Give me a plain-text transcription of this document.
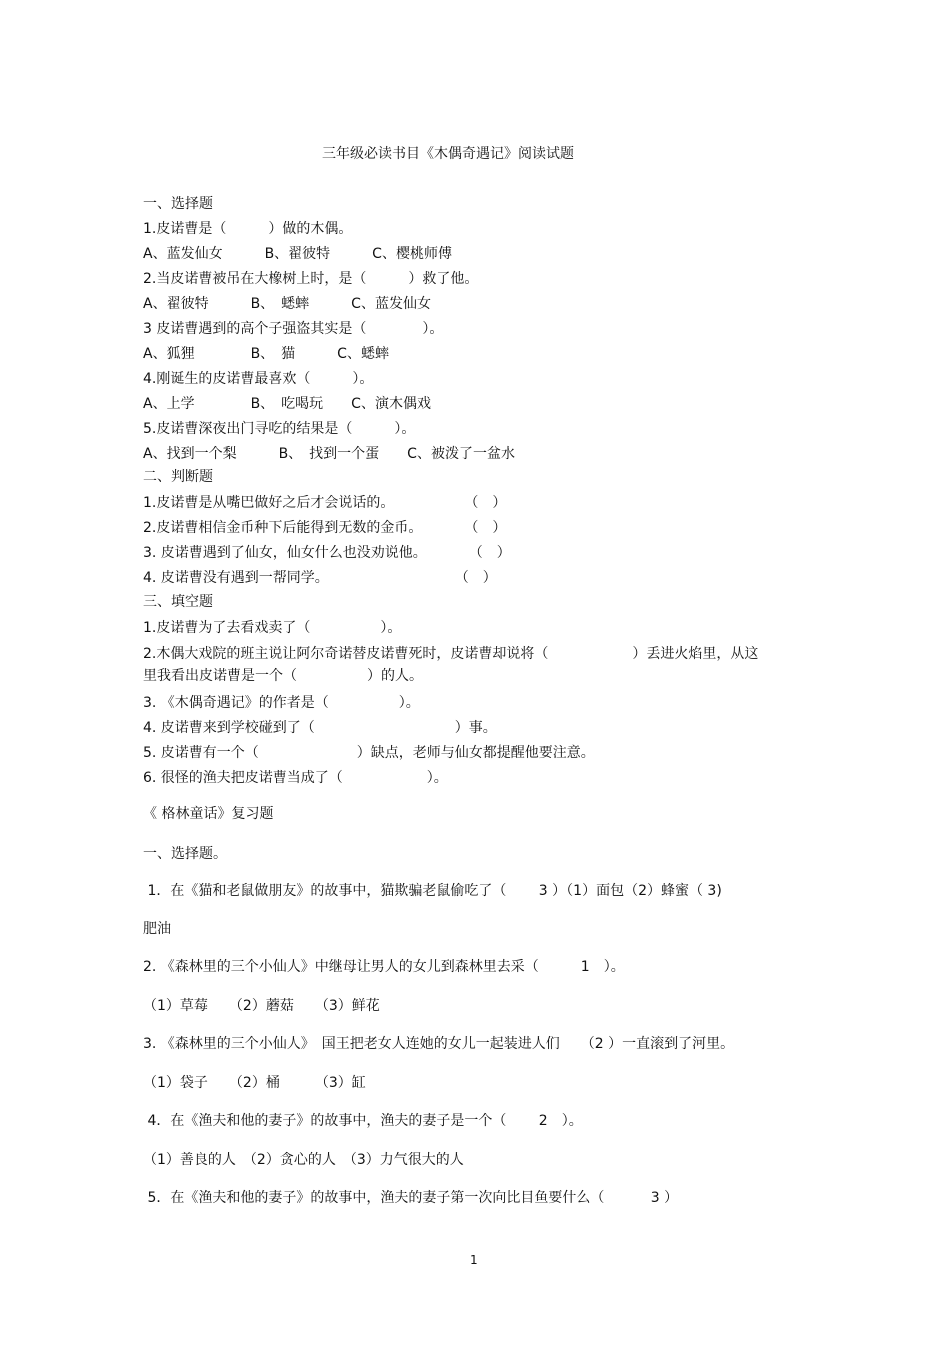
三年级必读书目《木偶奇遇记》阅读试题
一、选择题
1.皮诺曹是（　　　）做的木偶。
A、蓝发仙女　　　B、翟彼特　　　C、樱桃师傅
2.当皮诺曹被吊在大橡树上时，是（　　　）救了他。
A、翟彼特　　　B、　蟋蟀　　　C、蓝发仙女
3 皮诺曹遇到的高个子强盗其实是（　　　　）。
A、狐狸　　　　B、　猫　　　C、蟋蟀
4.刚诞生的皮诺曹最喜欢（　　　）。
A、上学　　　　B、　吃喝玩　　C、演木偶戏
5.皮诺曹深夜出门寻吃的结果是（　　　）。
A、找到一个梨　　　B、　找到一个蛋　　C、被泼了一盆水
二、判断题
1.皮诺曹是从嘴巴做好之后才会说话的。　　　　　　（　）
2.皮诺曹相信金币种下后能得到无数的金币。　　　　（　）
3. 皮诺曹遇到了仙女，仙女什么也没劝说他。　　　　（　）
4. 皮诺曹没有遇到一帮同学。　　　　　　　　　　（　）
三、填空题
1.皮诺曹为了去看戏卖了（　　　　　）。
2.木偶大戏院的班主说让阿尔奇诺替皮诺曹死时，皮诺曹却说将（　　　　　　）丢进火焰里，从这
里我看出皮诺曹是一个（　　　　　）的人。
3. 《木偶奇遇记》的作者是（　　　　　）。
4. 皮诺曹来到学校碰到了（　　　　　　　　　　）事。
5. 皮诺曹有一个（　　　　　　　）缺点，老师与仙女都提醒他要注意。
6. 很怪的渔夫把皮诺曹当成了（　　　　　　）。
《 格林童话》复习题
一、选择题。
1．在《猫和老鼠做朋友》的故事中，猫欺骗老鼠偷吃了（　　 3 ）（1）面包（2）蜂蜜（ 3)
肥油
2. 《森林里的三个小仙人》中继母让男人的女儿到森林里去采（　　　1　）。
（1）草莓　　（2）蘑菇　　（3）鲜花
3. 《森林里的三个小仙人》　国王把老女人连她的女儿一起装进人们　　（2 ）一直滚到了河里。
（1）袋子　　（2）桶　　　（3）缸
4．在《渔夫和他的妻子》的故事中，渔夫的妻子是一个（　　 2　）。
（1）善良的人　（2）贪心的人　（3）力气很大的人
5．在《渔夫和他的妻子》的故事中，渔夫的妻子第一次向比目鱼要什么（　　　 3 ）
1
